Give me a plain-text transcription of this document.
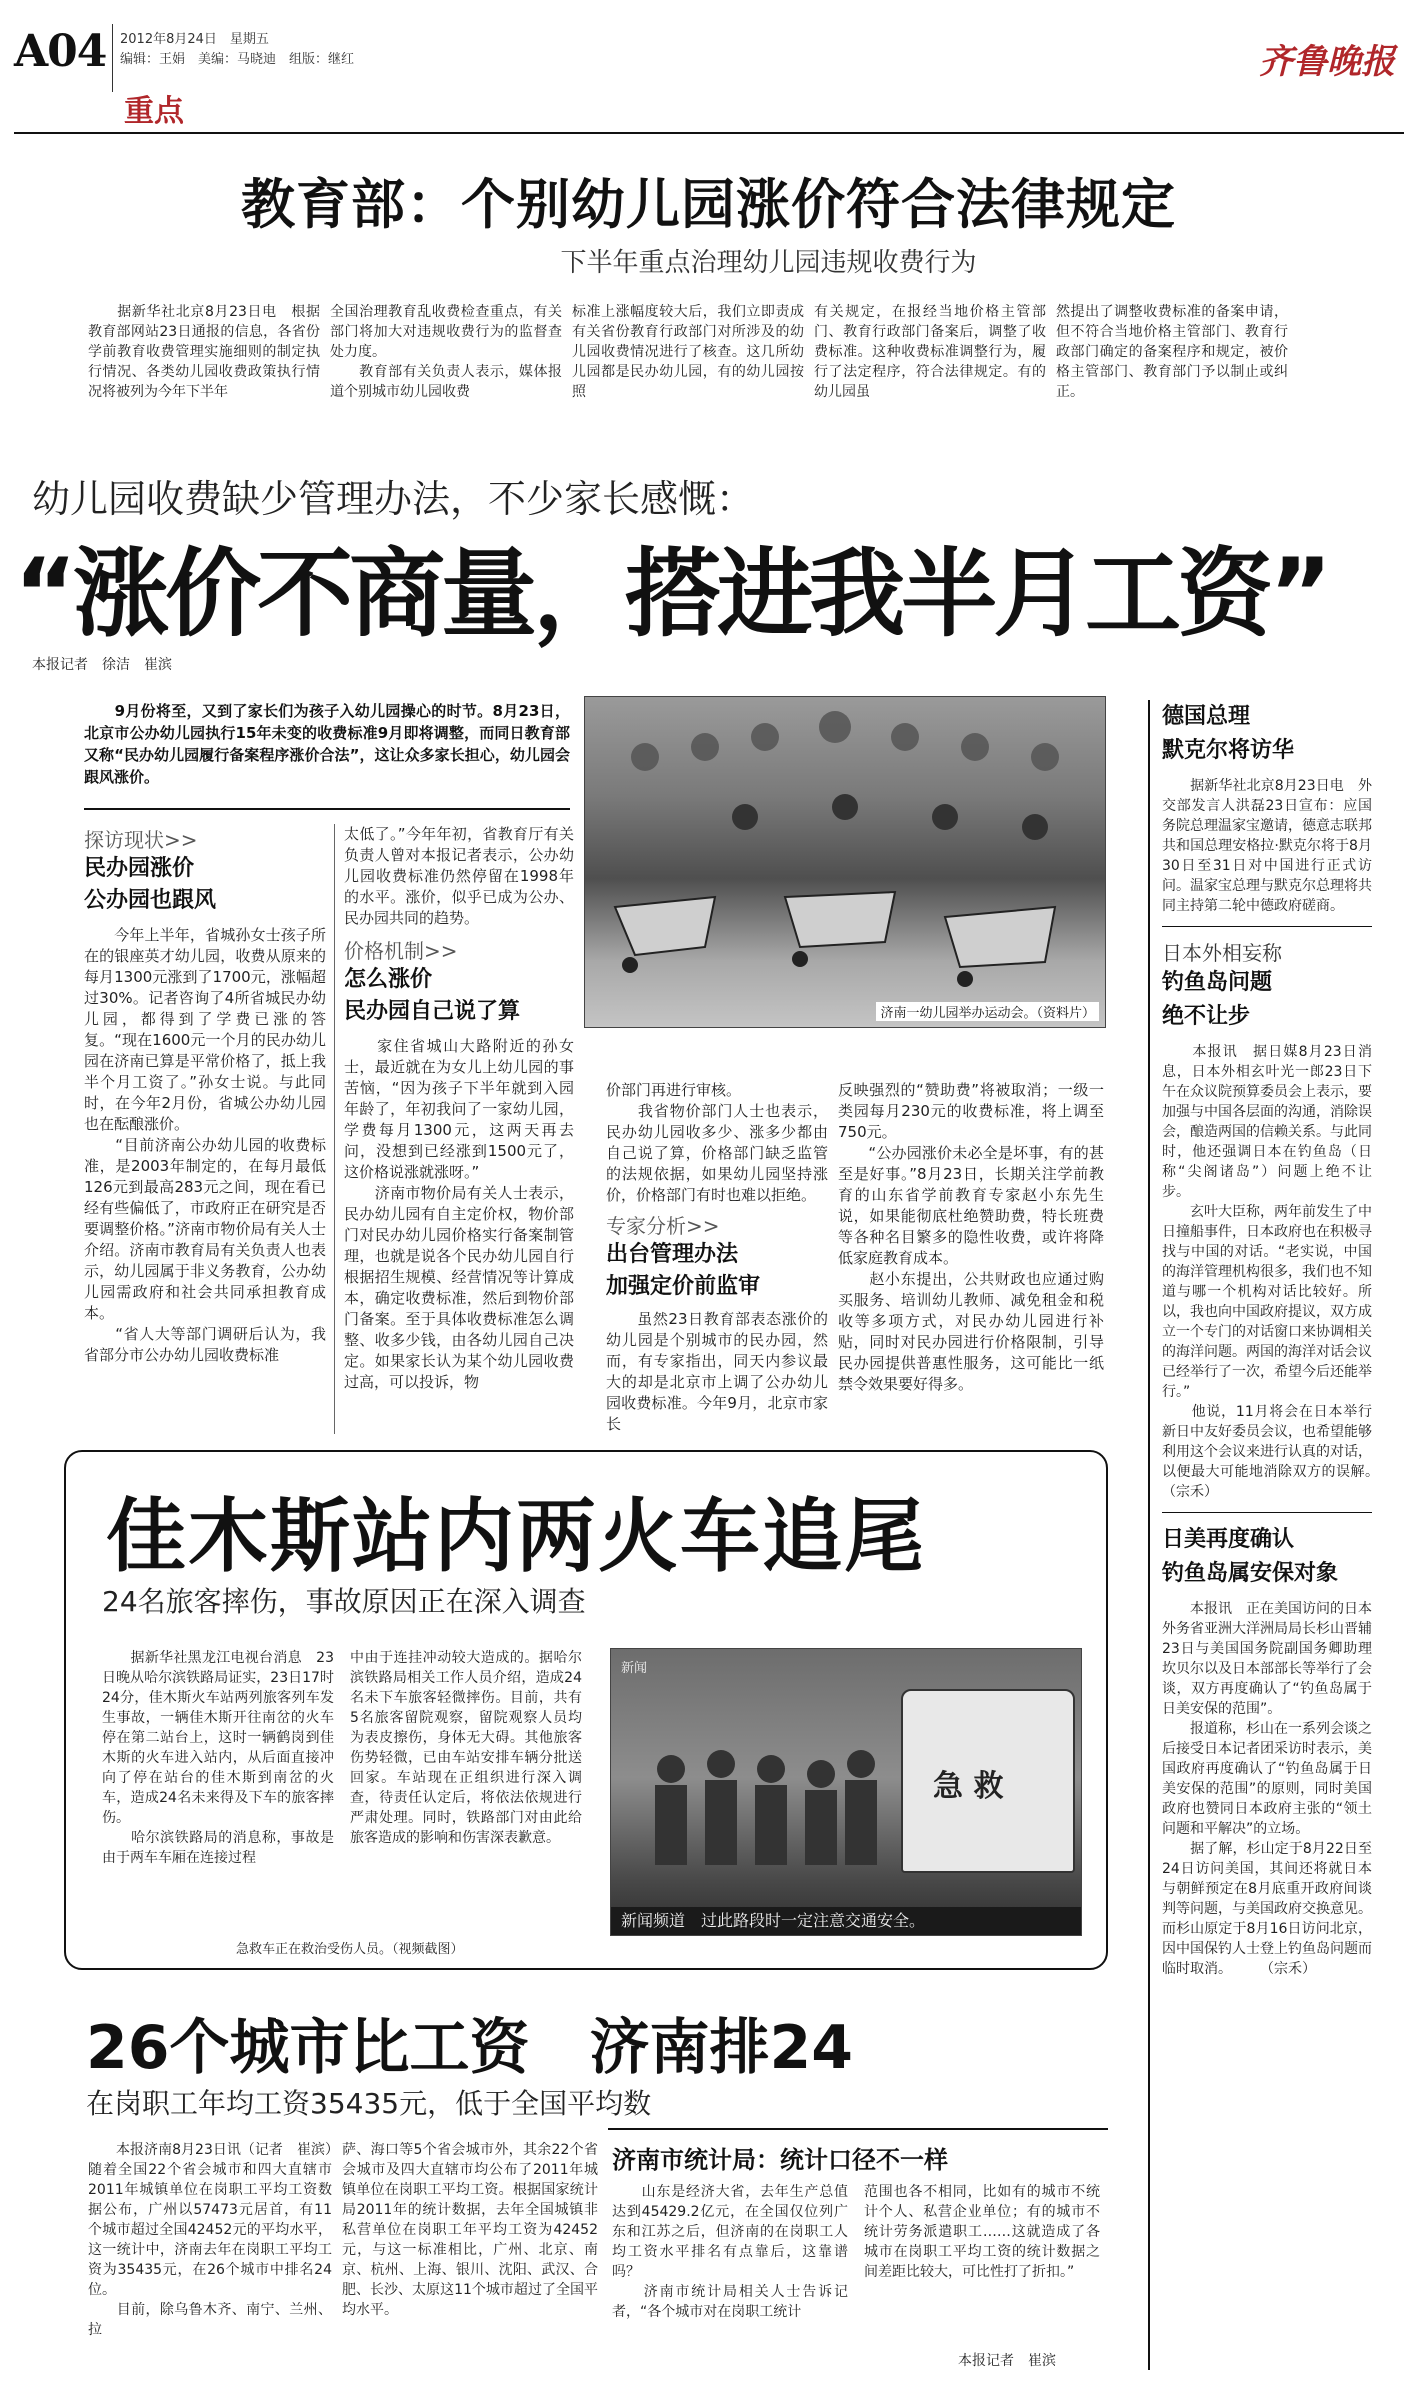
A04 2012年8月24日　星期五
编辑：王娟　美编：马晓迪　组版：继红
重点
齐鲁晚报
教育部：个别幼儿园涨价符合法律规定
下半年重点治理幼儿园违规收费行为
　　据新华社北京8月23日电　根据教育部网站23日通报的信息，各省份学前教育收费管理实施细则的制定执行情况、各类幼儿园收费政策执行情况将被列为今年下半年
全国治理教育乱收费检查重点，有关部门将加大对违规收费行为的监督查处力度。
　　教育部有关负责人表示，媒体报道个别城市幼儿园收费
标准上涨幅度较大后，我们立即责成有关省份教育行政部门对所涉及的幼儿园收费情况进行了核查。这几所幼儿园都是民办幼儿园，有的幼儿园按照
有关规定，在报经当地价格主管部门、教育行政部门备案后，调整了收费标准。这种收费标准调整行为，履行了法定程序，符合法律规定。有的幼儿园虽
然提出了调整收费标准的备案申请，但不符合当地价格主管部门、教育行政部门确定的备案程序和规定，被价格主管部门、教育部门予以制止或纠正。
幼儿园收费缺少管理办法，不少家长感慨：
“涨价不商量，搭进我半月工资”
本报记者　徐洁　崔滨
　　9月份将至，又到了家长们为孩子入幼儿园操心的时节。8月23日，北京市公办幼儿园执行15年未变的收费标准9月即将调整，而同日教育部又称“民办幼儿园履行备案程序涨价合法”，这让众多家长担心，幼儿园会跟风涨价。
济南一幼儿园举办运动会。（资料片）
探访现状>>
民办园涨价
公办园也跟风
　　今年上半年，省城孙女士孩子所在的银座英才幼儿园，收费从原来的每月1300元涨到了1700元，涨幅超过30%。记者咨询了4所省城民办幼儿园，都得到了学费已涨的答复。“现在1600元一个月的民办幼儿园在济南已算是平常价格了，抵上我半个月工资了。”孙女士说。与此同时，在今年2月份，省城公办幼儿园也在酝酿涨价。
　　“目前济南公办幼儿园的收费标准，是2003年制定的，在每月最低126元到最高283元之间，现在看已经有些偏低了，市政府正在研究是否要调整价格。”济南市物价局有关人士介绍。济南市教育局有关负责人也表示，幼儿园属于非义务教育，公办幼儿园需政府和社会共同承担教育成本。
　　“省人大等部门调研后认为，我省部分市公办幼儿园收费标准
太低了。”今年年初，省教育厅有关负责人曾对本报记者表示，公办幼儿园收费标准仍然停留在1998年的水平。涨价，似乎已成为公办、民办园共同的趋势。
价格机制>>
怎么涨价
民办园自己说了算
　　家住省城山大路附近的孙女士，最近就在为女儿上幼儿园的事苦恼，“因为孩子下半年就到入园年龄了，年初我问了一家幼儿园，学费每月1300元，这两天再去问，没想到已经涨到1500元了，这价格说涨就涨呀。”
　　济南市物价局有关人士表示，民办幼儿园有自主定价权，物价部门对民办幼儿园价格实行备案制管理，也就是说各个民办幼儿园自行根据招生规模、经营情况等计算成本，确定收费标准，然后到物价部门备案。至于具体收费标准怎么调整、收多少钱，由各幼儿园自己决定。如果家长认为某个幼儿园收费过高，可以投诉，物
价部门再进行审核。
　　我省物价部门人士也表示，民办幼儿园收多少、涨多少都由自己说了算，价格部门缺乏监管的法规依据，如果幼儿园坚持涨价，价格部门有时也难以拒绝。
专家分析>>
出台管理办法
加强定价前监审
　　虽然23日教育部表态涨价的幼儿园是个别城市的民办园，然而，有专家指出，同天内参议最大的却是北京市上调了公办幼儿园收费标准。今年9月，北京市家长
反映强烈的“赞助费”将被取消；一级一类园每月230元的收费标准，将上调至750元。
　　“公办园涨价未必全是坏事，有的甚至是好事。”8月23日，长期关注学前教育的山东省学前教育专家赵小东先生说，如果能彻底杜绝赞助费，特长班费等各种名目繁多的隐性收费，或许将降低家庭教育成本。
　　赵小东提出，公共财政也应通过购买服务、培训幼儿教师、减免租金和税收等多项方式，对民办幼儿园进行补贴，同时对民办园进行价格限制，引导民办园提供普惠性服务，这可能比一纸禁令效果要好得多。
佳木斯站内两火车追尾
24名旅客摔伤，事故原因正在深入调查
　　据新华社黑龙江电视台消息　23日晚从哈尔滨铁路局证实，23日17时24分，佳木斯火车站两列旅客列车发生事故，一辆佳木斯开往南岔的火车停在第二站台上，这时一辆鹤岗到佳木斯的火车进入站内，从后面直接冲向了停在站台的佳木斯到南岔的火车，造成24名未来得及下车的旅客摔伤。
　　哈尔滨铁路局的消息称，事故是由于两车车厢在连接过程
中由于连挂冲动较大造成的。据哈尔滨铁路局相关工作人员介绍，造成24名未下车旅客轻微摔伤。目前，共有5名旅客留院观察，留院观察人员均为表皮擦伤，身体无大碍。其他旅客伤势轻微，已由车站安排车辆分批送回家。车站现在正组织进行深入调查，待责任认定后，将依法依规进行严肃处理。同时，铁路部门对由此给旅客造成的影响和伤害深表歉意。
新闻
急 救
新闻频道　过此路段时一定注意交通安全。
急救车正在救治受伤人员。（视频截图）
26个城市比工资　济南排24
在岗职工年均工资35435元，低于全国平均数
　　本报济南8月23日讯（记者　崔滨）随着全国22个省会城市和四大直辖市2011年城镇单位在岗职工平均工资数据公布，广州以57473元居首，有11个城市超过全国42452元的平均水平，这一统计中，济南去年在岗职工平均工资为35435元，在26个城市中排名24位。
　　目前，除乌鲁木齐、南宁、兰州、拉
萨、海口等5个省会城市外，其余22个省会城市及四大直辖市均公布了2011年城镇单位在岗职工平均工资。根据国家统计局2011年的统计数据，去年全国城镇非私营单位在岗职工年平均工资为42452元，与这一标准相比，广州、北京、南京、杭州、上海、银川、沈阳、武汉、合肥、长沙、太原这11个城市超过了全国平均水平。
济南市统计局：统计口径不一样
　　山东是经济大省，去年生产总值达到45429.2亿元，在全国仅位列广东和江苏之后，但济南的在岗职工人均工资水平排名有点靠后，这靠谱吗？
　　济南市统计局相关人士告诉记者，“各个城市对在岗职工统计
范围也各不相同，比如有的城市不统计个人、私营企业单位；有的城市不统计劳务派遣职工……这就造成了各城市在岗职工平均工资的统计数据之间差距比较大，可比性打了折扣。”
本报记者　崔滨
德国总理
默克尔将访华
　　据新华社北京8月23日电　外交部发言人洪磊23日宣布：应国务院总理温家宝邀请，德意志联邦共和国总理安格拉·默克尔将于8月30日至31日对中国进行正式访问。温家宝总理与默克尔总理将共同主持第二轮中德政府磋商。
日本外相妄称
钓鱼岛问题
绝不让步
　　本报讯　据日媒8月23日消息，日本外相玄叶光一郎23日下午在众议院预算委员会上表示，要加强与中国各层面的沟通，消除误会，酿造两国的信赖关系。与此同时，他还强调日本在钓鱼岛（日称“尖阁诸岛”）问题上绝不让步。
　　玄叶大臣称，两年前发生了中日撞船事件，日本政府也在积极寻找与中国的对话。“老实说，中国的海洋管理机构很多，我们也不知道与哪一个机构对话比较好。所以，我也向中国政府提议，双方成立一个专门的对话窗口来协调相关的海洋问题。两国的海洋对话会议已经举行了一次，希望今后还能举行。”
　　他说，11月将会在日本举行新日中友好委员会议，也希望能够利用这个会议来进行认真的对话，以便最大可能地消除双方的误解。　　（宗禾）
日美再度确认
钓鱼岛属安保对象
　　本报讯　正在美国访问的日本外务省亚洲大洋洲局局长杉山晋辅23日与美国国务院副国务卿助理坎贝尔以及日本部部长等举行了会谈，双方再度确认了“钓鱼岛属于日美安保的范围”。
　　报道称，杉山在一系列会谈之后接受日本记者团采访时表示，美国政府再度确认了“钓鱼岛属于日美安保的范围”的原则，同时美国政府也赞同日本政府主张的“领土问题和平解决”的立场。
　　据了解，杉山定于8月22日至24日访问美国，其间还将就日本与朝鲜预定在8月底重开政府间谈判等问题，与美国政府交换意见。而杉山原定于8月16日访问北京，因中国保钓人士登上钓鱼岛问题而临时取消。　　　（宗禾）
